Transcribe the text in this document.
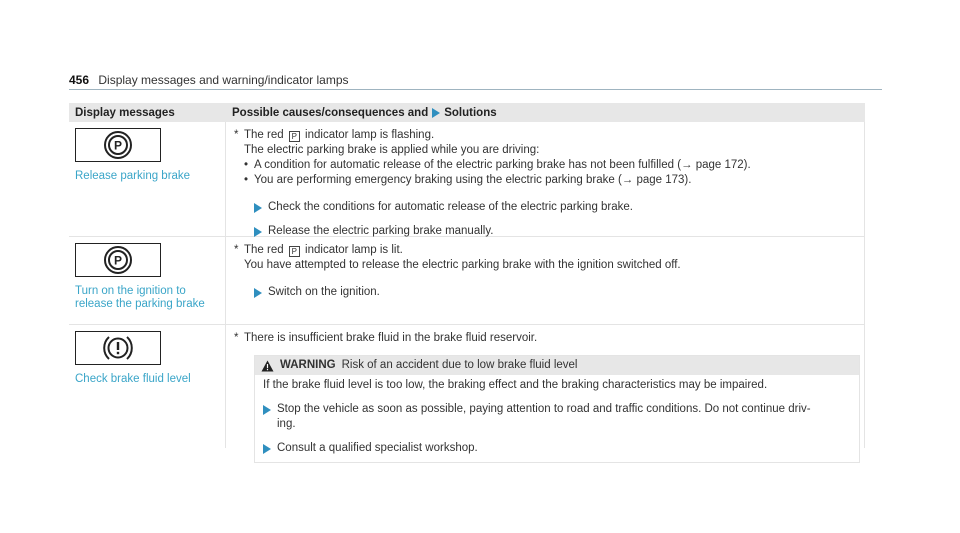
456 Display messages and warning/indicator lamps
Display messages	Possible causes/consequences and Solutions
P
Release parking brake
* The red P indicator lamp is flashing.
The electric parking brake is applied while you are driving:
• A condition for automatic release of the electric parking brake has not been fulfilled (→ page 172).
• You are performing emergency braking using the electric parking brake (→ page 173).
Check the conditions for automatic release of the electric parking brake.
Release the electric parking brake manually.
P
Turn on the ignition to
release the parking brake
* The red P indicator lamp is lit.
You have attempted to release the electric parking brake with the ignition switched off.
Switch on the ignition.
Check brake fluid level
* There is insufficient brake fluid in the brake fluid reservoir.
WARNING Risk of an accident due to low brake fluid level
If the brake fluid level is too low, the braking effect and the braking characteristics may be impaired.
Stop the vehicle as soon as possible, paying attention to road and traffic conditions. Do not continue driv-
ing.
Consult a qualified specialist workshop.
